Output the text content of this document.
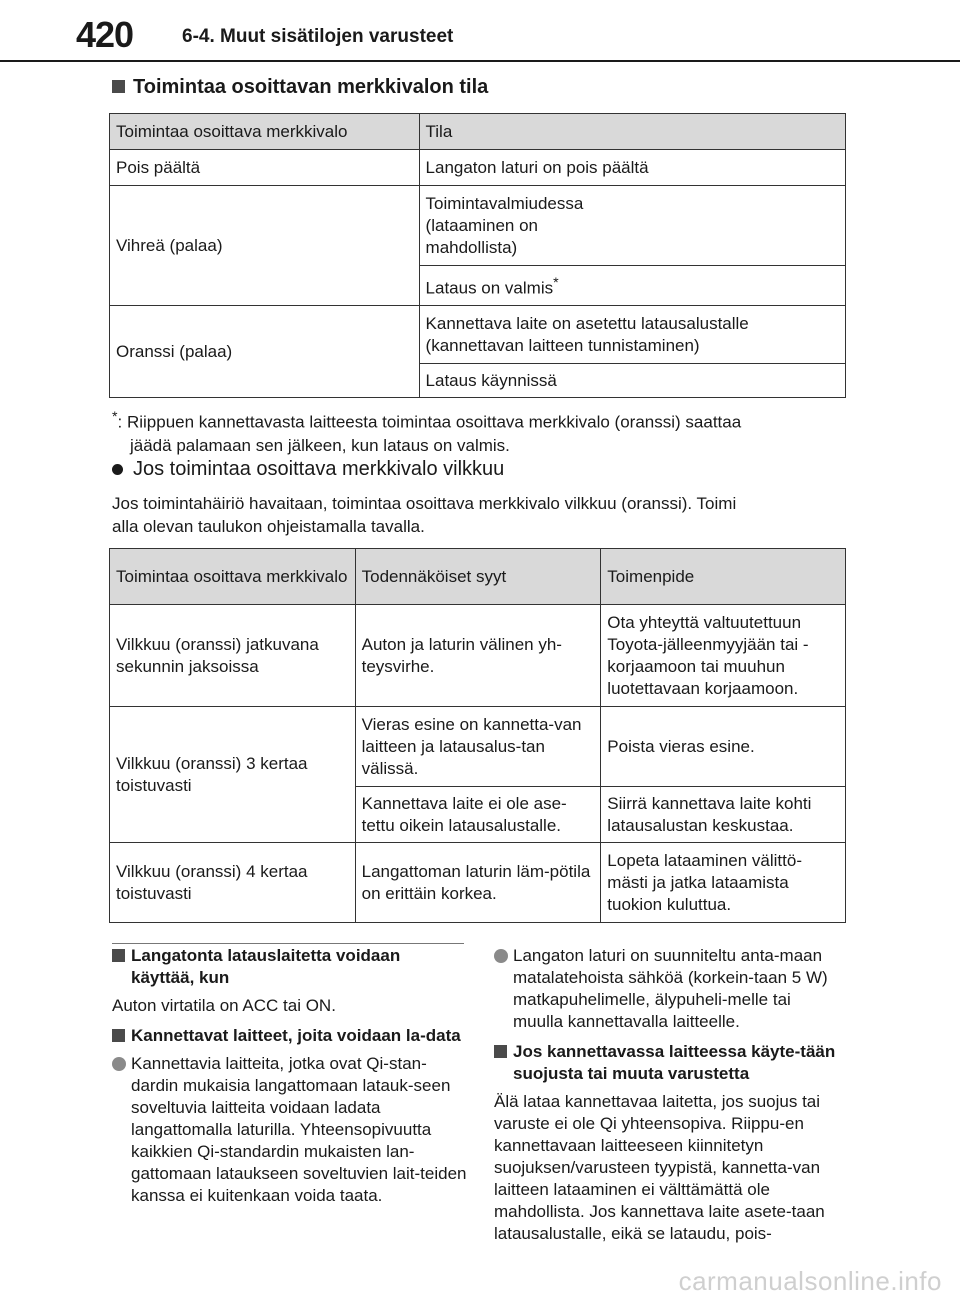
420	6-4. Muut sisätilojen varusteet
Toimintaa osoittavan merkkivalon tila
Toimintaa osoittava merkkivalo	Tila
Pois päältä	Langaton laturi on pois päältä
Vihreä (palaa)	Toimintavalmiudessa
(lataaminen on
mahdollista)
	Lataus on valmis*
Oranssi (palaa)	Kannettava laite on asetettu latausalustalle
(kannettavan laitteen tunnistaminen)
	Lataus käynnissä
*: Riippuen kannettavasta laitteesta toimintaa osoittava merkkivalo (oranssi) saattaa
jäädä palamaan sen jälkeen, kun lataus on valmis.
Jos toimintaa osoittava merkkivalo vilkkuu
Jos toimintahäiriö havaitaan, toimintaa osoittava merkkivalo vilkkuu (oranssi). Toimi
alla olevan taulukon ohjeistamalla tavalla.
Toimintaa osoittava merkkivalo	Todennäköiset syyt	Toimenpide
Vilkkuu (oranssi) jatkuvana sekunnin jaksoissa	Auton ja laturin välinen yh-teysvirhe.	Ota yhteyttä valtuutettuun Toyota-jälleenmyyjään tai -korjaamoon tai muuhun luotettavaan korjaamoon.
Vilkkuu (oranssi) 3 kertaa toistuvasti	Vieras esine on kannetta-van laitteen ja latausalus-tan välissä.	Poista vieras esine.
	Kannettava laite ei ole ase-tettu oikein latausalustalle.	Siirrä kannettava laite kohti latausalustan keskustaa.
Vilkkuu (oranssi) 4 kertaa toistuvasti	Langattoman laturin läm-pötila on erittäin korkea.	Lopeta lataaminen välittö-mästi ja jatka lataamista tuokion kuluttua.
Langatonta latauslaitetta voidaan käyttää, kun

Auton virtatila on ACC tai ON.

Kannettavat laitteet, joita voidaan la-data
Kannettavia laitteita, jotka ovat Qi-stan-dardin mukaisia langattomaan latauk-seen soveltuvia laitteita voidaan ladata langattomalla laturilla. Yhteensopivuutta kaikkien Qi-standardin mukaisten lan-gattomaan lataukseen soveltuvien lait-teiden kanssa ei kuitenkaan voida taata.
Langaton laturi on suunniteltu anta-maan matalatehoista sähköä (korkein-taan 5 W) matkapuhelimelle, älypuheli-melle tai muulla kannettavalla laitteelle.
Jos kannettavassa laitteessa käyte-tään suojusta tai muuta varustetta

Älä lataa kannettavaa laitetta, jos suojus tai varuste ei ole Qi yhteensopiva. Riippu-en kannettavaan laitteeseen kiinnitetyn suojuksen/varusteen tyypistä, kannetta-van laitteen lataaminen ei välttämättä ole mahdollista. Jos kannettava laite asete-taan latausalustalle, eikä se lataudu, pois-

carmanualsonline.info
